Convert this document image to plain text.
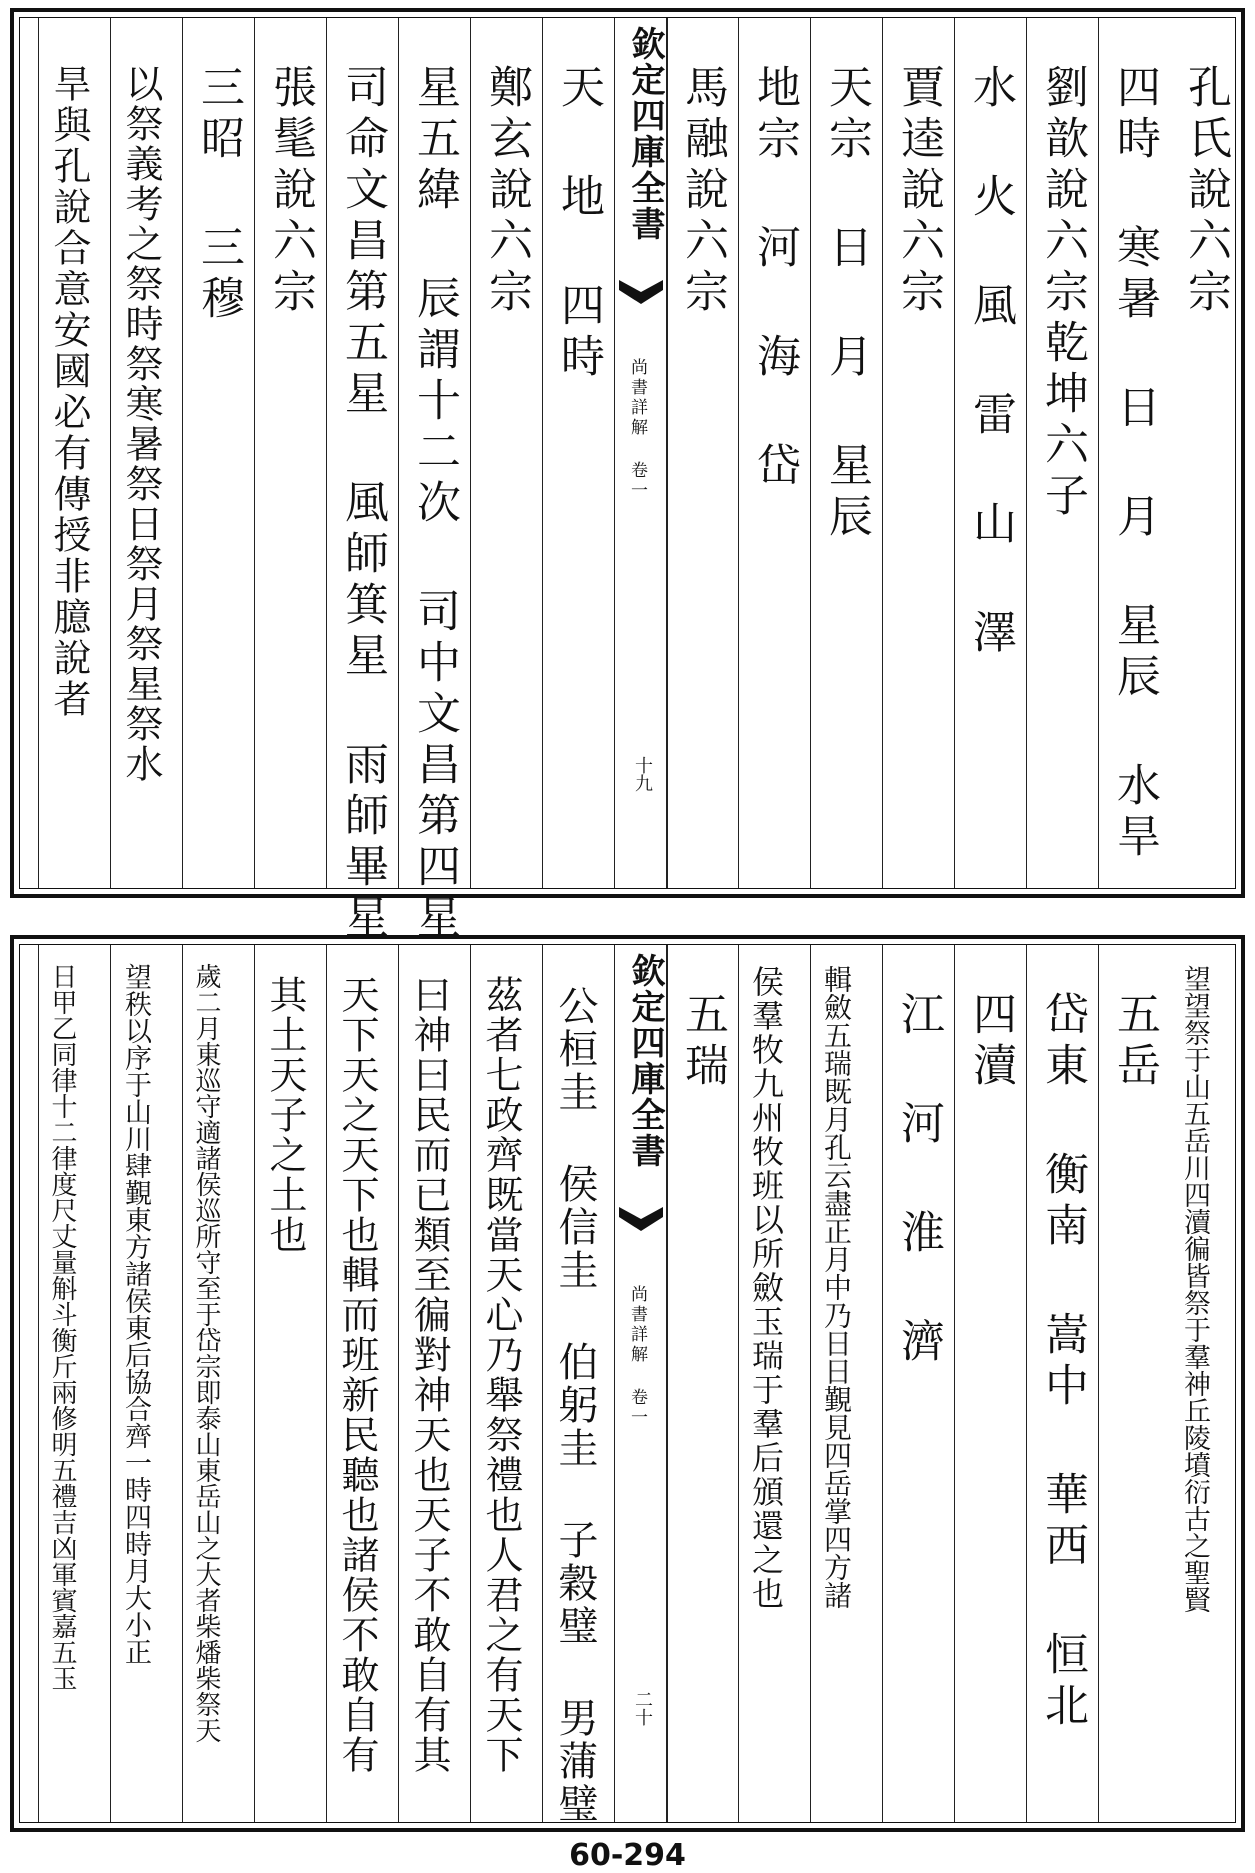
孔氏說六宗
四時 寒暑 日 月 星辰 水旱
劉歆說六宗乾坤六子
水 火 風 雷 山 澤
賈逵說六宗
天宗 日 月 星辰
地宗 河 海 岱
馬融說六宗
欽定四庫全書
尚書詳解 卷一
十九
天 地 四時
鄭玄說六宗
星五緯 辰謂十二次 司中文昌第四星
司命文昌第五星 風師箕星 雨師畢星
張髦說六宗
三昭 三穆
以祭義考之祭時祭寒暑祭日祭月祭星祭水
旱與孔說合意安國必有傳授非臆說者
望望祭于山五岳川四瀆徧皆祭于羣神丘陵墳衍古之聖賢
五岳
岱東 衡南 嵩中 華西 恒北
四瀆
江 河 淮 濟
輯斂五瑞既月孔云盡正月中乃日日覲見四岳掌四方諸
侯羣牧九州牧班以所斂玉瑞于羣后頒還之也
五瑞
欽定四庫全書
尚書詳解 卷一
二十
公桓圭 侯信圭 伯躬圭 子穀璧 男蒲璧
茲者七政齊既當天心乃舉祭禮也人君之有天下
曰神曰民而已類至徧對神天也天子不敢自有其
天下天之天下也輯而班新民聽也諸侯不敢自有
其土天子之土也
歲二月東巡守適諸侯巡所守至于岱宗即泰山東岳山之大者柴燔柴祭天
望秩以序于山川肆覲東方諸侯東后協合齊一時四時月大小正
日甲乙同律十二律度尺丈量斛斗衡斤兩修明五禮吉凶軍賓嘉五玉
60-294
